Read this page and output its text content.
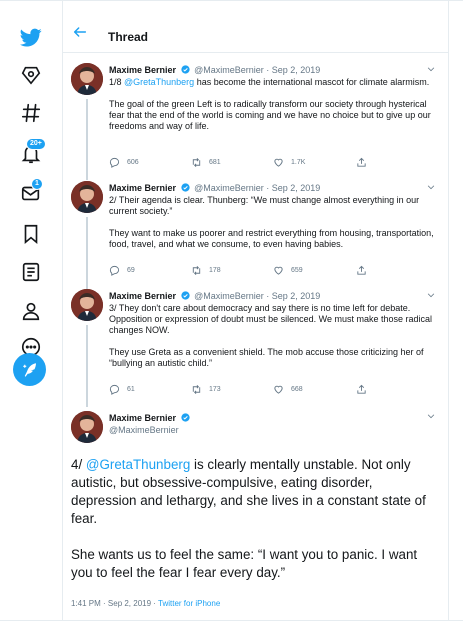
20+
1
Thread
Maxime Bernier @MaximeBernier · Sep 2, 2019

1/8 @GretaThunberg has become the international mascot for climate alarmism.

The goal of the green Left is to radically transform our society through hysterical fear that the end of the world is coming and we have no choice but to give up our freedoms and way of life.

606	681	1.7K
Maxime Bernier @MaximeBernier · Sep 2, 2019

2/ Their agenda is clear. Thunberg: “We must change almost everything in our current society.”

They want to make us poorer and restrict everything from housing, transportation, food, travel, and what we consume, to even having babies.

69	178	659
Maxime Bernier @MaximeBernier · Sep 2, 2019

3/ They don't care about democracy and say there is no time left for debate. Opposition or expression of doubt must be silenced. We must make those radical changes NOW.

They use Greta as a convenient shield. The mob accuse those criticizing her of “bullying an autistic child.”

61	173	668
Maxime Bernier
@MaximeBernier

4/ @GretaThunberg is clearly mentally unstable. Not only autistic, but obsessive-compulsive, eating disorder, depression and lethargy, and she lives in a constant state of fear.

She wants us to feel the same: “I want you to panic. I want you to feel the fear I fear every day.”

1:41 PM · Sep 2, 2019 · Twitter for iPhone
